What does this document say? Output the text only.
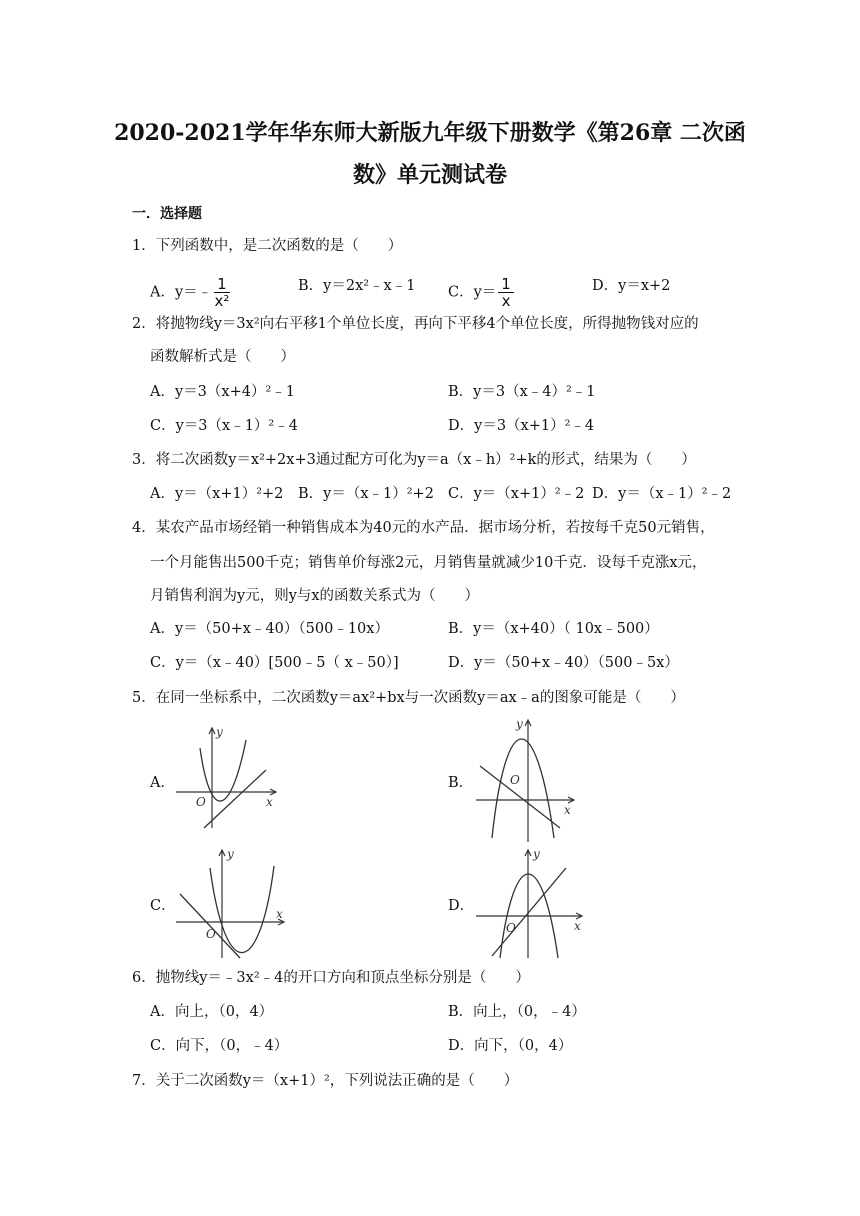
2020-2021学年华东师大新版九年级下册数学《第26章 二次函
数》单元测试卷
一．选择题
1．下列函数中，是二次函数的是（　　）
A．y＝﹣ $\frac{1}{\text{x²}}$	B．y＝2x²﹣x﹣1 C．$y= \frac{1}{x}$	D．y＝x+2
2．将抛物线y＝3x²向右平移1个单位长度，再向下平移4个单位长度，所得抛物钱对应的
函数解析式是（　　）
A．y＝3（x+4）²﹣1	B．y＝3（x﹣4）²﹣1
C．y＝3（x﹣1）²﹣4	D．y＝3（x+1）²﹣4
3．将二次函数y＝x²+2x+3通过配方可化为y＝a（x﹣h）²+k的形式，结果为（　　）
A．y＝（x+1）²+2 B．y＝（x﹣1）²+2 C．y＝（x+1）²﹣2 D．y＝（x﹣1）²﹣2
4．某农产品市场经销一种销售成本为40元的水产品．据市场分析，若按每千克50元销售，
一个月能售出500千克；销售单价每涨2元，月销售量就减少10千克．设每千克涨x元，
月销售利润为y元，则y与x的函数关系式为（　　）
A．y＝（50+x﹣40）（500﹣10x）	B．y＝（x+40）（ 10x﹣500）
C．y＝（x﹣40）[500﹣5（ x﹣50）]	D．y＝（50+x﹣40）（500﹣5x）
5．在同一坐标系中，二次函数y＝ax²+bx与一次函数y＝ax﹣a的图象可能是（　　）
A．
y
x
O
B．
y
x
O
C．
y
x
O
D．
y
x
O
6．抛物线y＝﹣3x²﹣4的开口方向和顶点坐标分别是（　　）
A．向上，（0，4）	B．向上，（0，﹣4）
C．向下，（0，﹣4）	D．向下，（0，4）
7．关于二次函数y＝（x+1）²，下列说法正确的是（　　）
